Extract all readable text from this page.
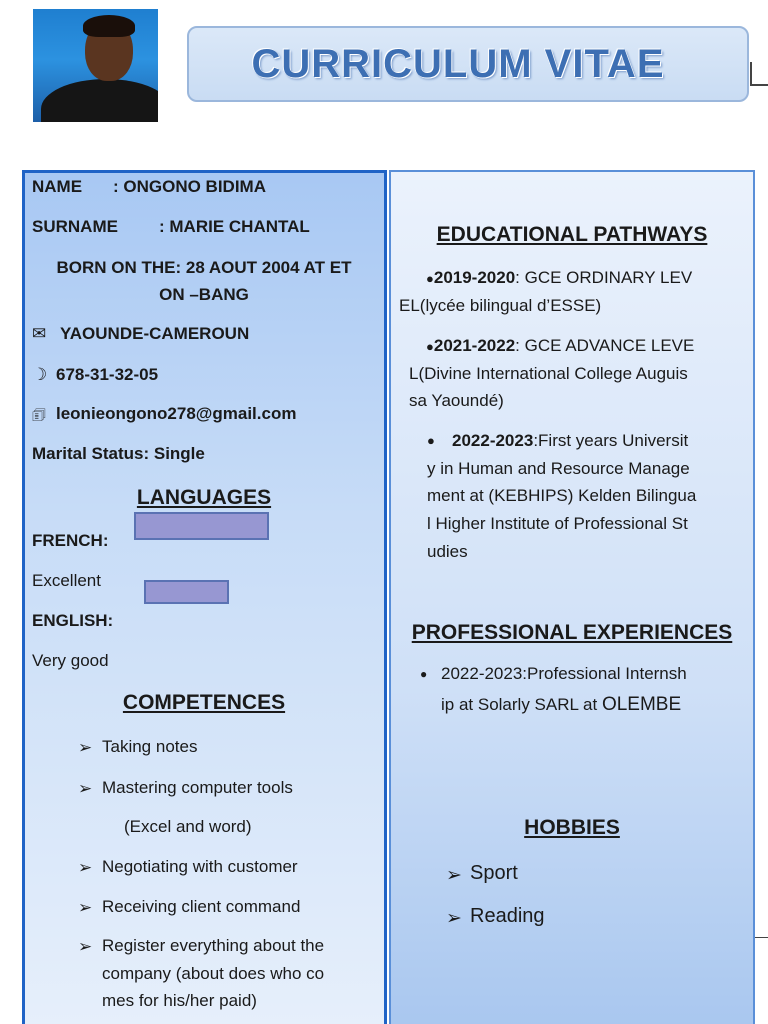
CURRICULUM VITAE
NAME : ONGONO BIDIMA
SURNAME : MARIE CHANTAL
BORN ON THE: 28 AOUT 2004 AT ET
ON –BANG
✉ YAOUNDE-CAMEROUN
☽ 678-31-32-05
🗊 leonieongono278@gmail.com
Marital Status: Single
LANGUAGES
FRENCH:
Excellent
ENGLISH:
Very good
COMPETENCES
➢ Taking notes
➢ Mastering computer tools
(Excel and word)
➢ Negotiating with customer
➢ Receiving client command
➢ Register everything about the
company (about does who co
mes for his/her paid)
EDUCATIONAL PATHWAYS
●2019-2020: GCE ORDINARY LEV
EL(lycée bilingual d’ESSE)
●2021-2022: GCE ADVANCE LEVE
L(Divine International College Auguis
sa Yaoundé)
● 2022-2023:First years Universit
y in Human and Resource Manage
ment at (KEBHIPS) Kelden Bilingua
l Higher Institute of Professional St
udies
PROFESSIONAL EXPERIENCES
● 2022-2023:Professional Internsh
ip at Solarly SARL at OLEMBE
HOBBIES
➢ Sport
➢ Reading
